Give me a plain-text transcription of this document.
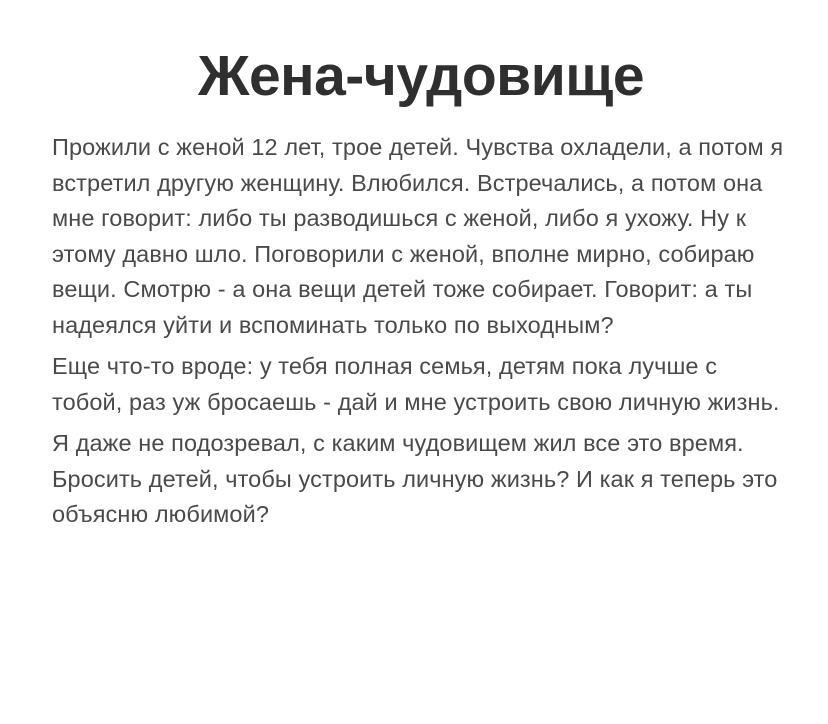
Жена-чудовище

Прожили с женой 12 лет, трое детей. Чувства охладели, а потом я встретил другую женщину. Влюбился. Встречались, а потом она мне говорит: либо ты разводишься с женой, либо я ухожу. Ну к этому давно шло. Поговорили с женой, вполне мирно, собираю вещи. Смотрю - а она вещи детей тоже собирает. Говорит: а ты надеялся уйти и вспоминать только по выходным?

Еще что-то вроде: у тебя полная семья, детям пока лучше с тобой, раз уж бросаешь - дай и мне устроить свою личную жизнь.

Я даже не подозревал, с каким чудовищем жил все это время. Бросить детей, чтобы устроить личную жизнь? И как я теперь это объясню любимой?
